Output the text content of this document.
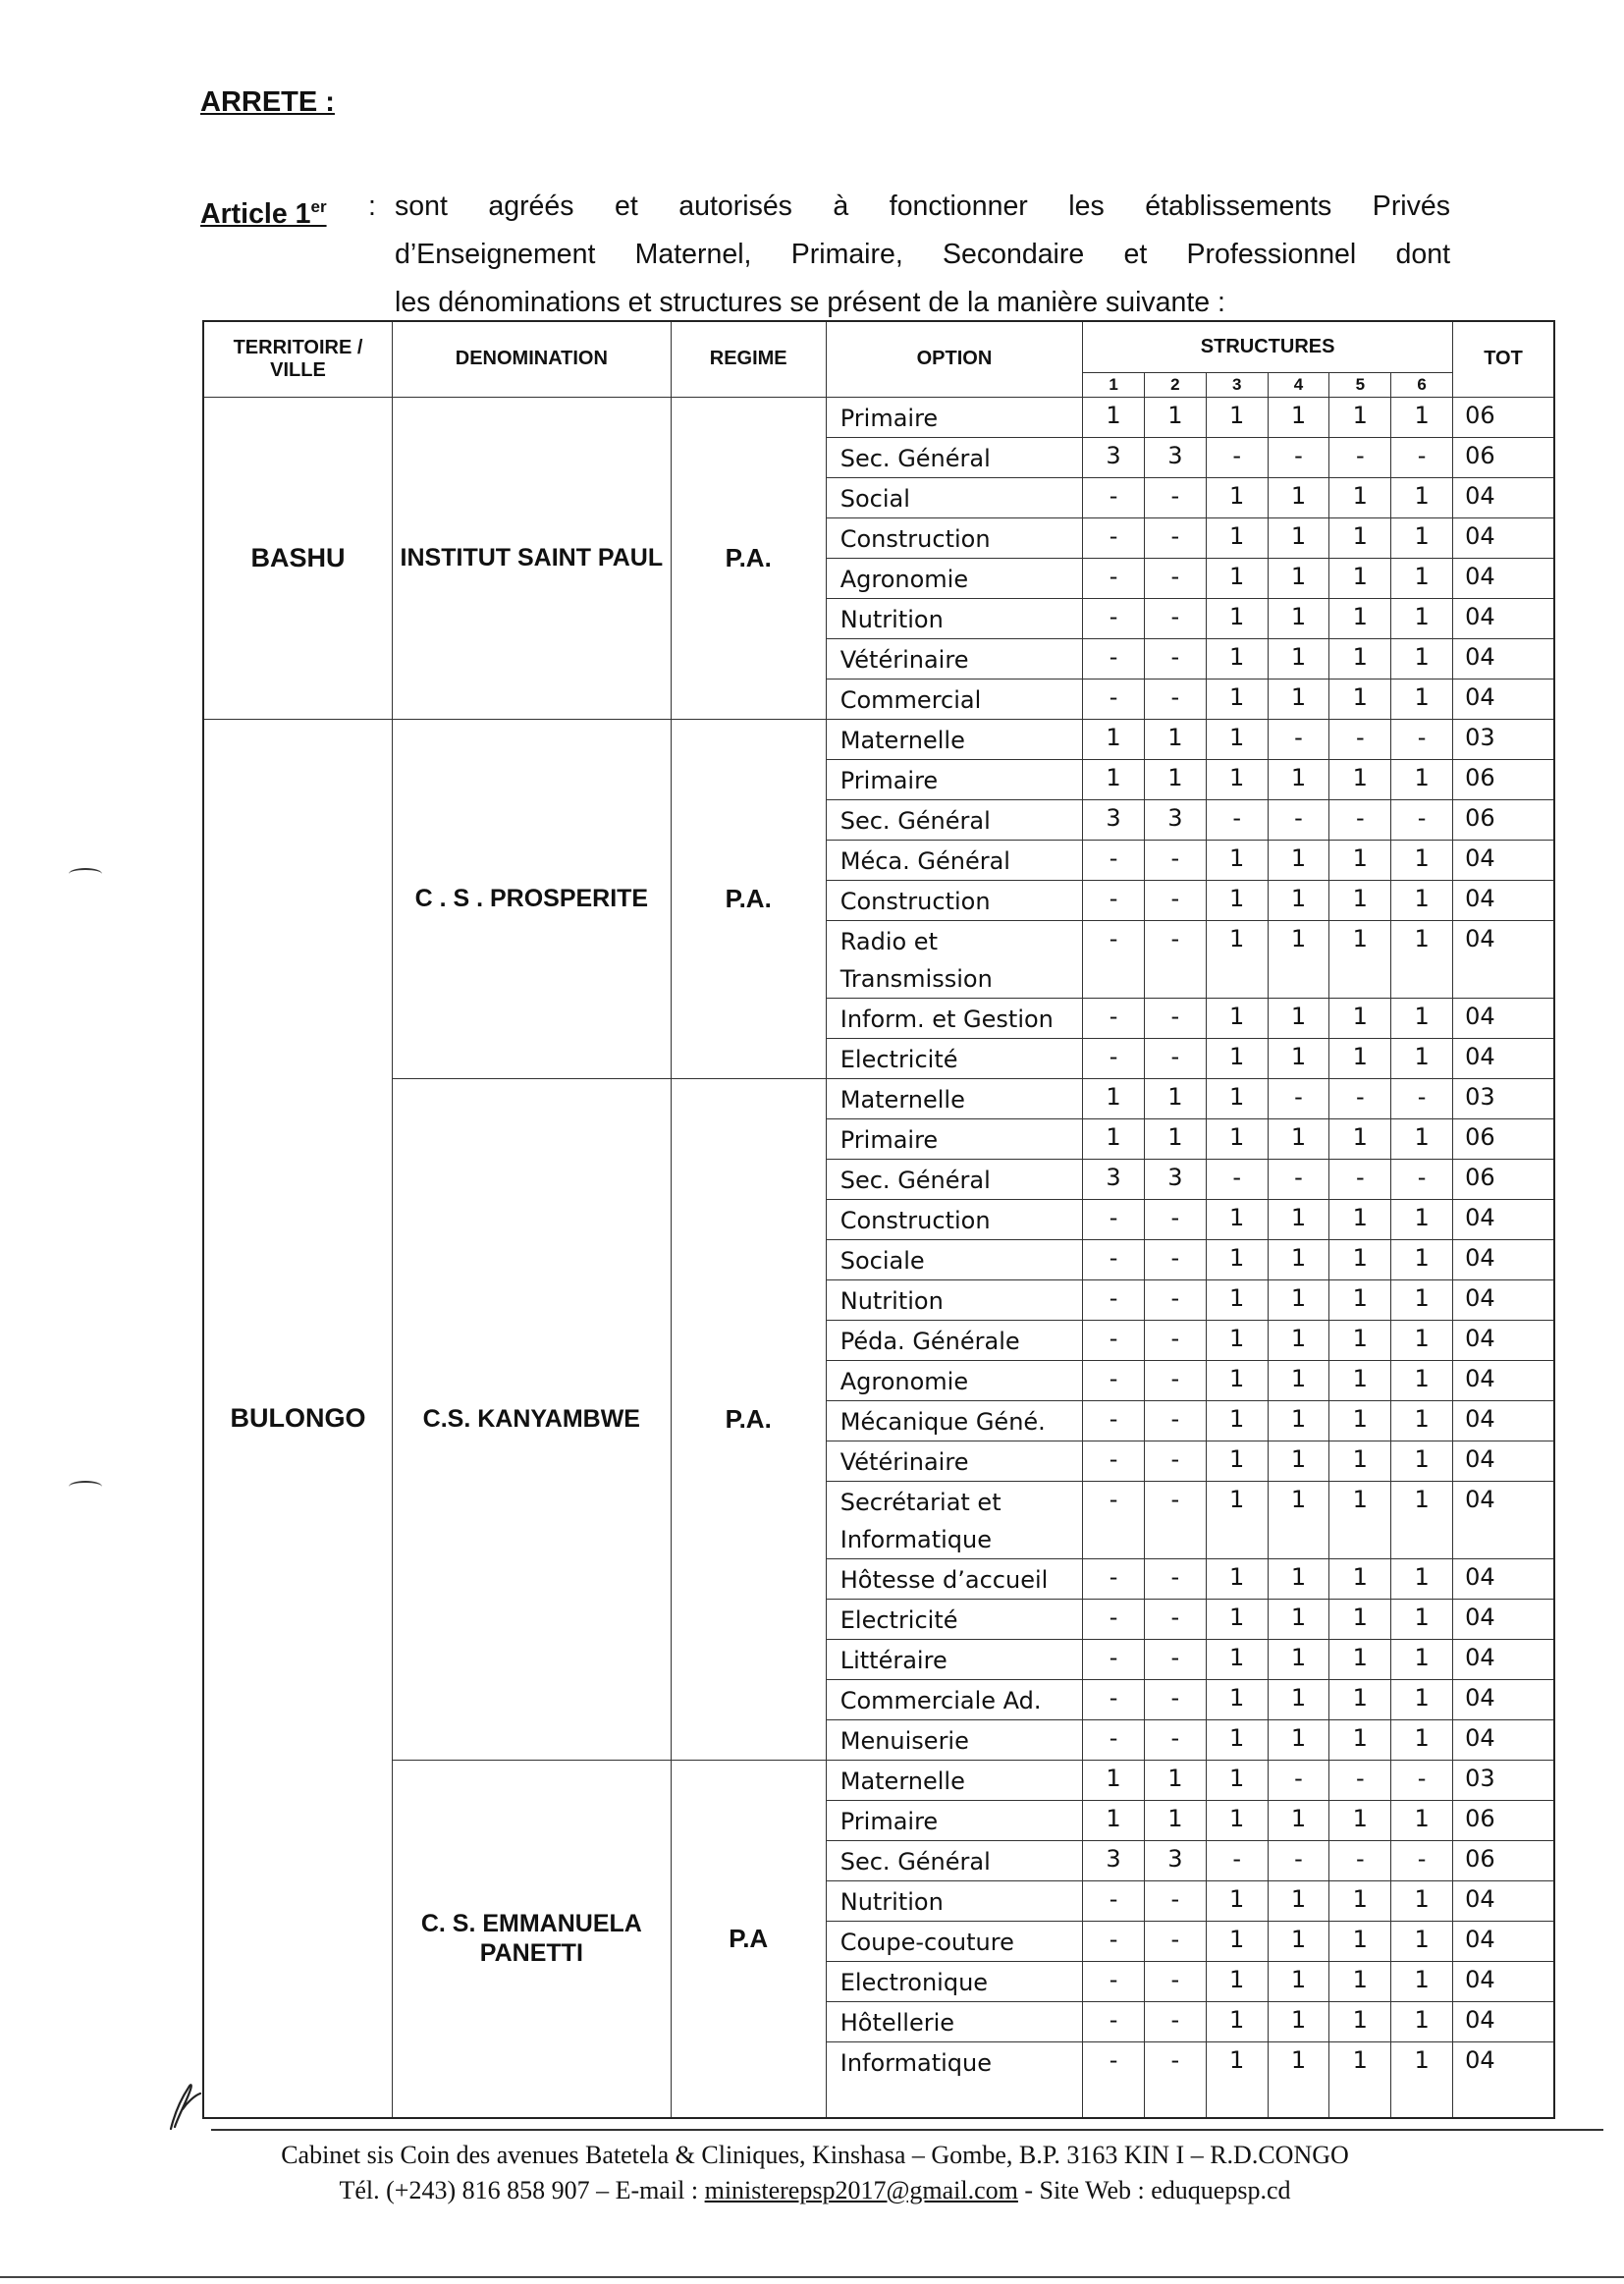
ARRETE :
Article 1er : sont agréés et autorisés à fonctionner les établissements Privés
d’Enseignement Maternel, Primaire, Secondaire et Professionnel dont
les dénominations et structures se présent de la manière suivante :
TERRITOIRE / VILLE	DENOMINATION	REGIME	OPTION	STRUCTURES						TOT
				1	2	3	4	5	6	
BASHU	INSTITUT SAINT PAUL	P.A.	Primaire	1	1	1	1	1	1	06
			Sec. Général	3	3	-	-	-	-	06
			Social	-	-	1	1	1	1	04
			Construction	-	-	1	1	1	1	04
			Agronomie	-	-	1	1	1	1	04
			Nutrition	-	-	1	1	1	1	04
			Vétérinaire	-	-	1	1	1	1	04
			Commercial	-	-	1	1	1	1	04
BULONGO	C . S . PROSPERITE	P.A.	Maternelle	1	1	1	-	-	-	03
			Primaire	1	1	1	1	1	1	06
			Sec. Général	3	3	-	-	-	-	06
			Méca. Général	-	-	1	1	1	1	04
			Construction	-	-	1	1	1	1	04
			Radio et Transmission	-	-	1	1	1	1	04
			Inform. et Gestion	-	-	1	1	1	1	04
			Electricité	-	-	1	1	1	1	04
	C.S. KANYAMBWE	P.A.	Maternelle	1	1	1	-	-	-	03
			Primaire	1	1	1	1	1	1	06
			Sec. Général	3	3	-	-	-	-	06
			Construction	-	-	1	1	1	1	04
			Sociale	-	-	1	1	1	1	04
			Nutrition	-	-	1	1	1	1	04
			Péda. Générale	-	-	1	1	1	1	04
			Agronomie	-	-	1	1	1	1	04
			Mécanique Géné.	-	-	1	1	1	1	04
			Vétérinaire	-	-	1	1	1	1	04
			Secrétariat et Informatique	-	-	1	1	1	1	04
			Hôtesse d’accueil	-	-	1	1	1	1	04
			Electricité	-	-	1	1	1	1	04
			Littéraire	-	-	1	1	1	1	04
			Commerciale Ad.	-	-	1	1	1	1	04
			Menuiserie	-	-	1	1	1	1	04
	C. S. EMMANUELA PANETTI	P.A	Maternelle	1	1	1	-	-	-	03
			Primaire	1	1	1	1	1	1	06
			Sec. Général	3	3	-	-	-	-	06
			Nutrition	-	-	1	1	1	1	04
			Coupe-couture	-	-	1	1	1	1	04
			Electronique	-	-	1	1	1	1	04
			Hôtellerie	-	-	1	1	1	1	04
			Informatique	-	-	1	1	1	1	04
Cabinet sis Coin des avenues Batetela & Cliniques, Kinshasa – Gombe, B.P. 3163 KIN I – R.D.CONGO
Tél. (+243) 816 858 907 – E-mail : ministerepsp2017@gmail.com - Site Web : eduquepsp.cd
